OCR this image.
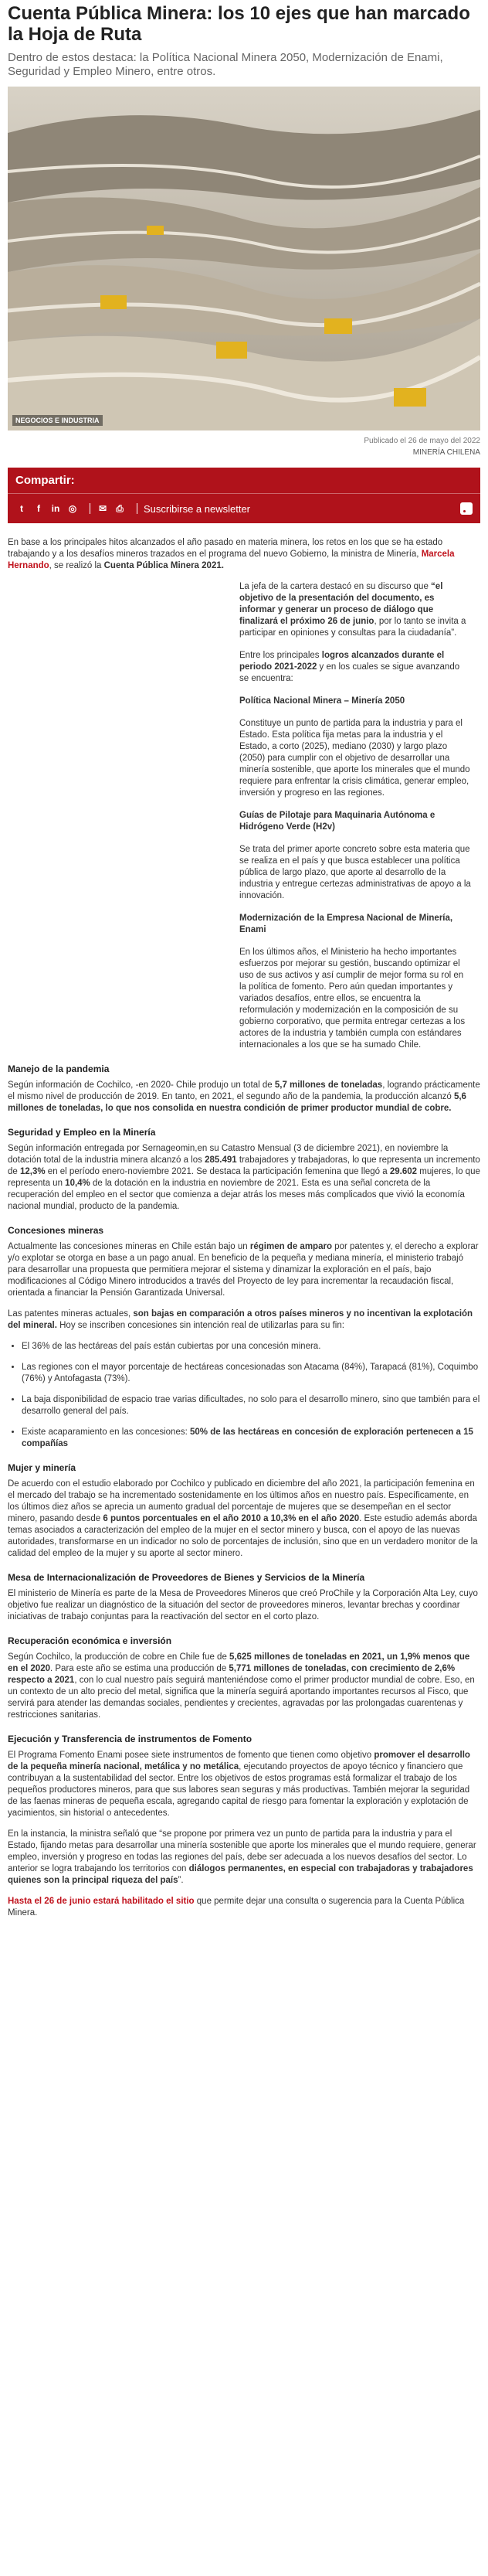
Cuenta Pública Minera: los 10 ejes que han marcado la Hoja de Ruta

Dentro de estos destaca: la Política Nacional Minera 2050, Modernización de Enami, Seguridad y Empleo Minero, entre otros.

NEGOCIOS E INDUSTRIA
Publicado el 26 de mayo del 2022
MINERÍA CHILENA
Compartir:
t	f	in ◎ ✉ ⎙ Suscribirse a newsletter

En base a los principales hitos alcanzados el año pasado en materia minera, los retos en los que se ha estado trabajando y a los desafíos mineros trazados en el programa del nuevo Gobierno, la ministra de Minería, Marcela Hernando, se realizó la Cuenta Pública Minera 2021.

La jefa de la cartera destacó en su discurso que “el objetivo de la presentación del documento, es informar y generar un proceso de diálogo que finalizará el próximo 26 de junio, por lo tanto se invita a participar en opiniones y consultas para la ciudadanía”.

Entre los principales logros alcanzados durante el periodo 2021-2022 y en los cuales se sigue avanzando se encuentra:

Política Nacional Minera – Minería 2050

Constituye un punto de partida para la industria y para el Estado. Esta política fija metas para la industria y el Estado, a corto (2025), mediano (2030) y largo plazo (2050) para cumplir con el objetivo de desarrollar una minería sostenible, que aporte los minerales que el mundo requiere para enfrentar la crisis climática, generar empleo, inversión y progreso en las regiones.

Guías de Pilotaje para Maquinaria Autónoma e Hidrógeno Verde (H2v)

Se trata del primer aporte concreto sobre esta materia que se realiza en el país y que busca establecer una política pública de largo plazo, que aporte al desarrollo de la industria y entregue certezas administrativas de apoyo a la innovación.

Modernización de la Empresa Nacional de Minería, Enami

En los últimos años, el Ministerio ha hecho importantes esfuerzos por mejorar su gestión, buscando optimizar el uso de sus activos y así cumplir de mejor forma su rol en la política de fomento. Pero aún quedan importantes y variados desafíos, entre ellos, se encuentra la reformulación y modernización en la composición de su gobierno corporativo, que permita entregar certezas a los actores de la industria y también cumpla con estándares internacionales a los que se ha sumado Chile.

Manejo de la pandemia

Según información de Cochilco, -en 2020- Chile produjo un total de 5,7 millones de toneladas, logrando prácticamente el mismo nivel de producción de 2019. En tanto, en 2021, el segundo año de la pandemia, la producción alcanzó 5,6 millones de toneladas, lo que nos consolida en nuestra condición de primer productor mundial de cobre.

Seguridad y Empleo en la Minería

Según información entregada por Sernageomin,en su Catastro Mensual (3 de diciembre 2021), en noviembre la dotación total de la industria minera alcanzó a los 285.491 trabajadores y trabajadoras, lo que representa un incremento de 12,3% en el período enero-noviembre 2021. Se destaca la participación femenina que llegó a 29.602 mujeres, lo que representa un 10,4% de la dotación en la industria en noviembre de 2021. Esta es una señal concreta de la recuperación del empleo en el sector que comienza a dejar atrás los meses más complicados que vivió la economía nacional mundial, producto de la pandemia.

Concesiones mineras

Actualmente las concesiones mineras en Chile están bajo un régimen de amparo por patentes y, el derecho a explorar y/o explotar se otorga en base a un pago anual. En beneficio de la pequeña y mediana minería, el ministerio trabajó para desarrollar una propuesta que permitiera mejorar el sistema y dinamizar la exploración en el país, bajo modificaciones al Código Minero introducidos a través del Proyecto de ley para incrementar la recaudación fiscal, orientada a financiar la Pensión Garantizada Universal.

Las patentes mineras actuales, son bajas en comparación a otros países mineros y no incentivan la explotación del mineral. Hoy se inscriben concesiones sin intención real de utilizarlas para su fin:

• El 36% de las hectáreas del país están cubiertas por una concesión minera.
• Las regiones con el mayor porcentaje de hectáreas concesionadas son Atacama (84%), Tarapacá (81%), Coquimbo (76%) y Antofagasta (73%).
• La baja disponibilidad de espacio trae varias dificultades, no solo para el desarrollo minero, sino que también para el desarrollo general del país.
• Existe acaparamiento en las concesiones: 50% de las hectáreas en concesión de exploración pertenecen a 15 compañías
Mujer y minería

De acuerdo con el estudio elaborado por Cochilco y publicado en diciembre del año 2021, la participación femenina en el mercado del trabajo se ha incrementado sostenidamente en los últimos años en nuestro país. Específicamente, en los últimos diez años se aprecia un aumento gradual del porcentaje de mujeres que se desempeñan en el sector minero, pasando desde 6 puntos porcentuales en el año 2010 a 10,3% en el año 2020. Este estudio además aborda temas asociados a caracterización del empleo de la mujer en el sector minero y busca, con el apoyo de las nuevas autoridades, transformarse en un indicador no solo de porcentajes de inclusión, sino que en un verdadero monitor de la calidad del empleo de la mujer y su aporte al sector minero.

Mesa de Internacionalización de Proveedores de Bienes y Servicios de la Minería

El ministerio de Minería es parte de la Mesa de Proveedores Mineros que creó ProChile y la Corporación Alta Ley, cuyo objetivo fue realizar un diagnóstico de la situación del sector de proveedores mineros, levantar brechas y coordinar iniciativas de trabajo conjuntas para la reactivación del sector en el corto plazo.

Recuperación económica e inversión

Según Cochilco, la producción de cobre en Chile fue de 5,625 millones de toneladas en 2021, un 1,9% menos que en el 2020. Para este año se estima una producción de 5,771 millones de toneladas, con crecimiento de 2,6% respecto a 2021, con lo cual nuestro país seguirá manteniéndose como el primer productor mundial de cobre. Eso, en un contexto de un alto precio del metal, significa que la minería seguirá aportando importantes recursos al Fisco, que servirá para atender las demandas sociales, pendientes y crecientes, agravadas por las prolongadas cuarentenas y restricciones sanitarias.

Ejecución y Transferencia de instrumentos de Fomento

El Programa Fomento Enami posee siete instrumentos de fomento que tienen como objetivo promover el desarrollo de la pequeña minería nacional, metálica y no metálica, ejecutando proyectos de apoyo técnico y financiero que contribuyan a la sustentabilidad del sector. Entre los objetivos de estos programas está formalizar el trabajo de los pequeños productores mineros, para que sus labores sean seguras y más productivas. También mejorar la seguridad de las faenas mineras de pequeña escala, agregando capital de riesgo para fomentar la exploración y explotación de yacimientos, sin historial o antecedentes.

En la instancia, la ministra señaló que “se propone por primera vez un punto de partida para la industria y para el Estado, fijando metas para desarrollar una minería sostenible que aporte los minerales que el mundo requiere, generar empleo, inversión y progreso en todas las regiones del país, debe ser adecuada a los nuevos desafíos del sector. Lo anterior se logra trabajando los territorios con diálogos permanentes, en especial con trabajadoras y trabajadores quienes son la principal riqueza del país”.

Hasta el 26 de junio estará habilitado el sitio que permite dejar una consulta o sugerencia para la Cuenta Pública Minera.
